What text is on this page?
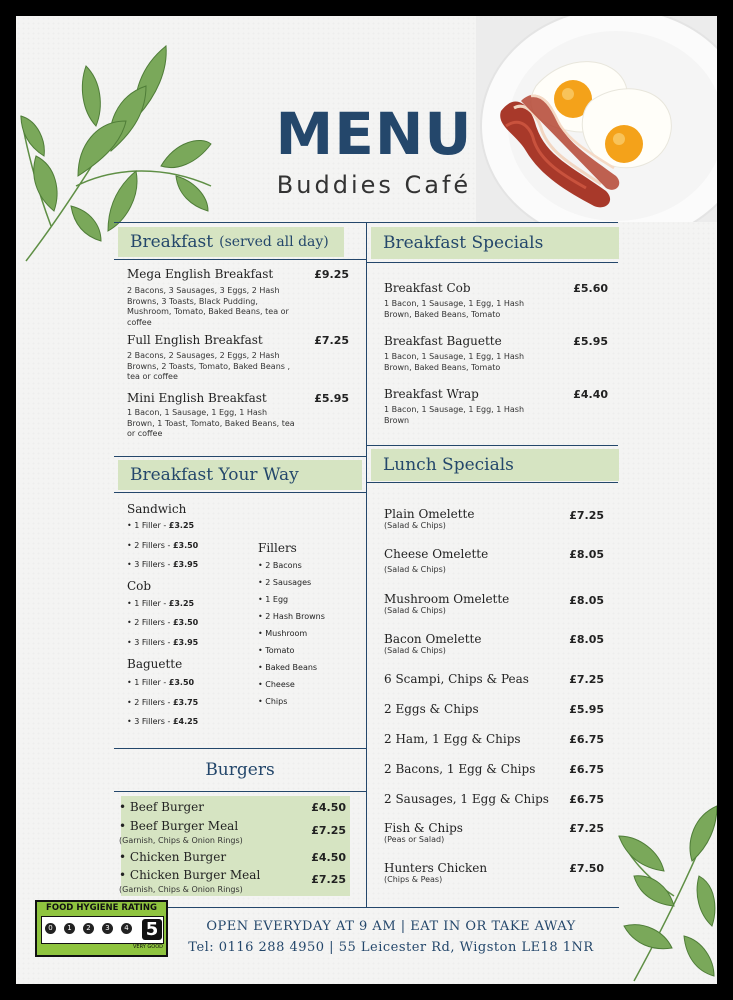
MENU
Buddies Café
Breakfast (served all day)
Mega English Breakfast	£9.25
2 Bacons, 3 Sausages, 3 Eggs, 2 Hash Browns, 3 Toasts, Black Pudding, Mushroom, Tomato, Baked Beans, tea or coffee
Full English Breakfast	£7.25
2 Bacons, 2 Sausages, 2 Eggs, 2 Hash Browns, 2 Toasts, Tomato, Baked Beans , tea or coffee
Mini English Breakfast	£5.95
1 Bacon, 1 Sausage, 1 Egg, 1 Hash Brown, 1 Toast, Tomato, Baked Beans, tea or coffee
Breakfast Your Way
Sandwich
• 1 Filler - £3.25
• 2 Fillers - £3.50
• 3 Fillers - £3.95
Cob
• 1 Filler - £3.25
• 2 Fillers - £3.50
• 3 Fillers - £3.95
Baguette
• 1 Filler - £3.50
• 2 Fillers - £3.75
• 3 Fillers - £4.25
Fillers
• 2 Bacons
• 2 Sausages
• 1 Egg
• 2 Hash Browns
• Mushroom
• Tomato
• Baked Beans
• Cheese
• Chips
Burgers
• Beef Burger	£4.50
• Beef Burger Meal	£7.25
(Garnish, Chips & Onion Rings)
• Chicken Burger	£4.50
• Chicken Burger Meal	£7.25
(Garnish, Chips & Onion Rings)
Breakfast Specials
Breakfast Cob	£5.60
1 Bacon, 1 Sausage, 1 Egg, 1 Hash Brown, Baked Beans, Tomato
Breakfast Baguette	£5.95
1 Bacon, 1 Sausage, 1 Egg, 1 Hash Brown, Baked Beans, Tomato
Breakfast Wrap	£4.40
1 Bacon, 1 Sausage, 1 Egg, 1 Hash Brown
Lunch Specials
Plain Omelette	£7.25
(Salad & Chips)
Cheese Omelette	£8.05
(Salad & Chips)
Mushroom Omelette	£8.05
(Salad & Chips)
Bacon Omelette	£8.05
(Salad & Chips)
6 Scampi, Chips & Peas	£7.25
2 Eggs & Chips	£5.95
2 Ham, 1 Egg & Chips	£6.75
2 Bacons, 1 Egg & Chips	£6.75
2 Sausages, 1 Egg & Chips	£6.75
Fish & Chips	£7.25
(Peas or Salad)
Hunters Chicken	£7.50
(Chips & Peas)
OPEN EVERYDAY AT 9 AM | EAT IN OR TAKE AWAY
Tel: 0116 288 4950 | 55 Leicester Rd, Wigston LE18 1NR
FOOD HYGIENE RATING
0	1	2	3	4 5
VERY GOOD
